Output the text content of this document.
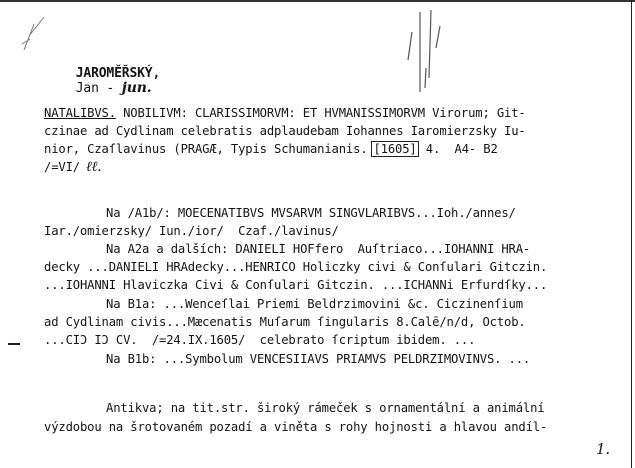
JAROMĚŘSKÝ,
Jan - jun.

NATALIBVS. NOBILIVM: CLARISSIMORVM: ET HVMANISSIMORVM Virorum; Git-
czinae ad Cydlinam celebratis adplaudebam Iohannes Iaromierzsky Iu-
nior, Czaſlavinus (PRAGÆ, Typis Schumanianis. [1605] 4.  A4- B2
/=VI/ ℓℓ.
Na /A1b/: MOECENATIBVS MVSARVM SINGVLARIBVS...Ioh./annes/
Iar./omierzsky/ Iun./ior/  Czaf./lavinus/
Na A2a a dalších: DANIELI HOFfero  Auſtriaco...IOHANNI HRA-
decky ...DANIELI HRAdecky...HENRICO Holiczky civi & Conſulari Gitczin.
...IOHANNI Hlaviczka Civi & Conſulari Gitczin. ...ICHANNi Erfurdſky...
Na B1a: ...Wenceſlai Priemi Beldrzimovini &c. Ciczinenſium
ad Cydlinam civis...Mæcenatis Muſarum ſingularis 8.Calē/n/d, Octob.
...CIƆ IƆ CV.  /=24.IX.1605/  celebrato ſcriptum ibidem. ...
Na B1b: ...Symbolum VENCESIIAVS PRIAMVS PELDRZIMOVINVS. ...
Antikva; na tit.str. široký rámeček s ornamentální a animální
výzdobou na šrotovaném pozadí a viněta s rohy hojnosti a hlavou andíl-
1.
